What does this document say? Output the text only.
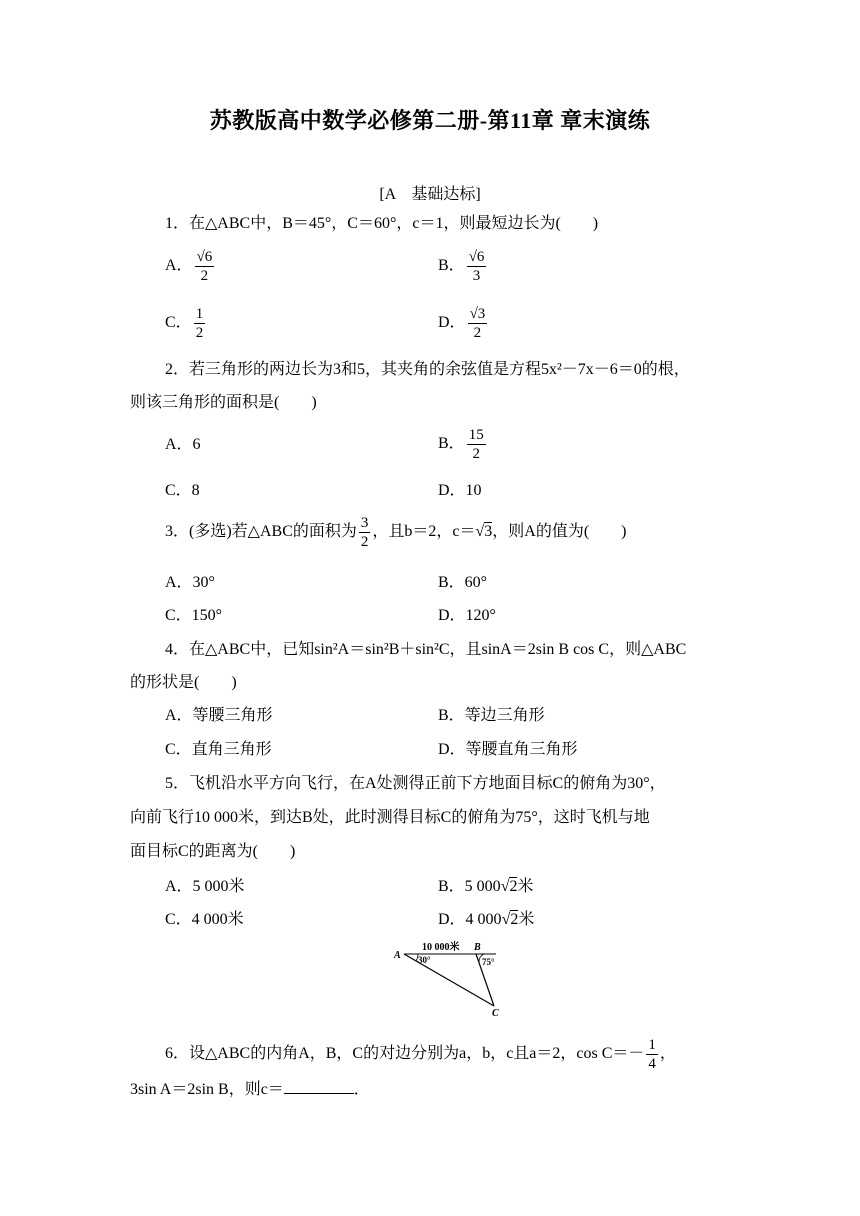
苏教版高中数学必修第二册-第11章 章末演练
[A　基础达标]
1．在△ABC中，B＝45°，C＝60°，c＝1，则最短边长为(　　)
A． $\frac{√6}{2}$	B． $\frac{√6}{3}$
C． $\frac{1}{2}$	D． $\frac{√3}{2}$
2．若三角形的两边长为3和5，其夹角的余弦值是方程5x²－7x－6＝0的根，
则该三角形的面积是(　　)
A．6	B． $\frac{15}{2}$
C．8	D．10
3．(多选)若△ABC的面积为 $\frac{3}{2}$ ，且b＝2，c＝√3，则A的值为(　　)
A．30°	B．60°
C．150°	D．120°
4．在△ABC中，已知sin²A＝sin²B＋sin²C，且sinA＝2sin B cos C，则△ABC
的形状是(　　)
A．等腰三角形	B．等边三角形
C．直角三角形	D．等腰直角三角形
5．飞机沿水平方向飞行，在A处测得正前下方地面目标C的俯角为30°，
向前飞行10 000米，到达B处，此时测得目标C的俯角为75°，这时飞机与地
面目标C的距离为(　　)
A．5 000米	B．5 000√2米
C．4 000米	D．4 000√2米
10 000米
A
B
C
30°	75°
6．设△ABC的内角A，B，C的对边分别为a，b，c且a＝2，$\cos C=- \frac{1}{4}$ ，
3sin A＝2sin B，则c＝	．
